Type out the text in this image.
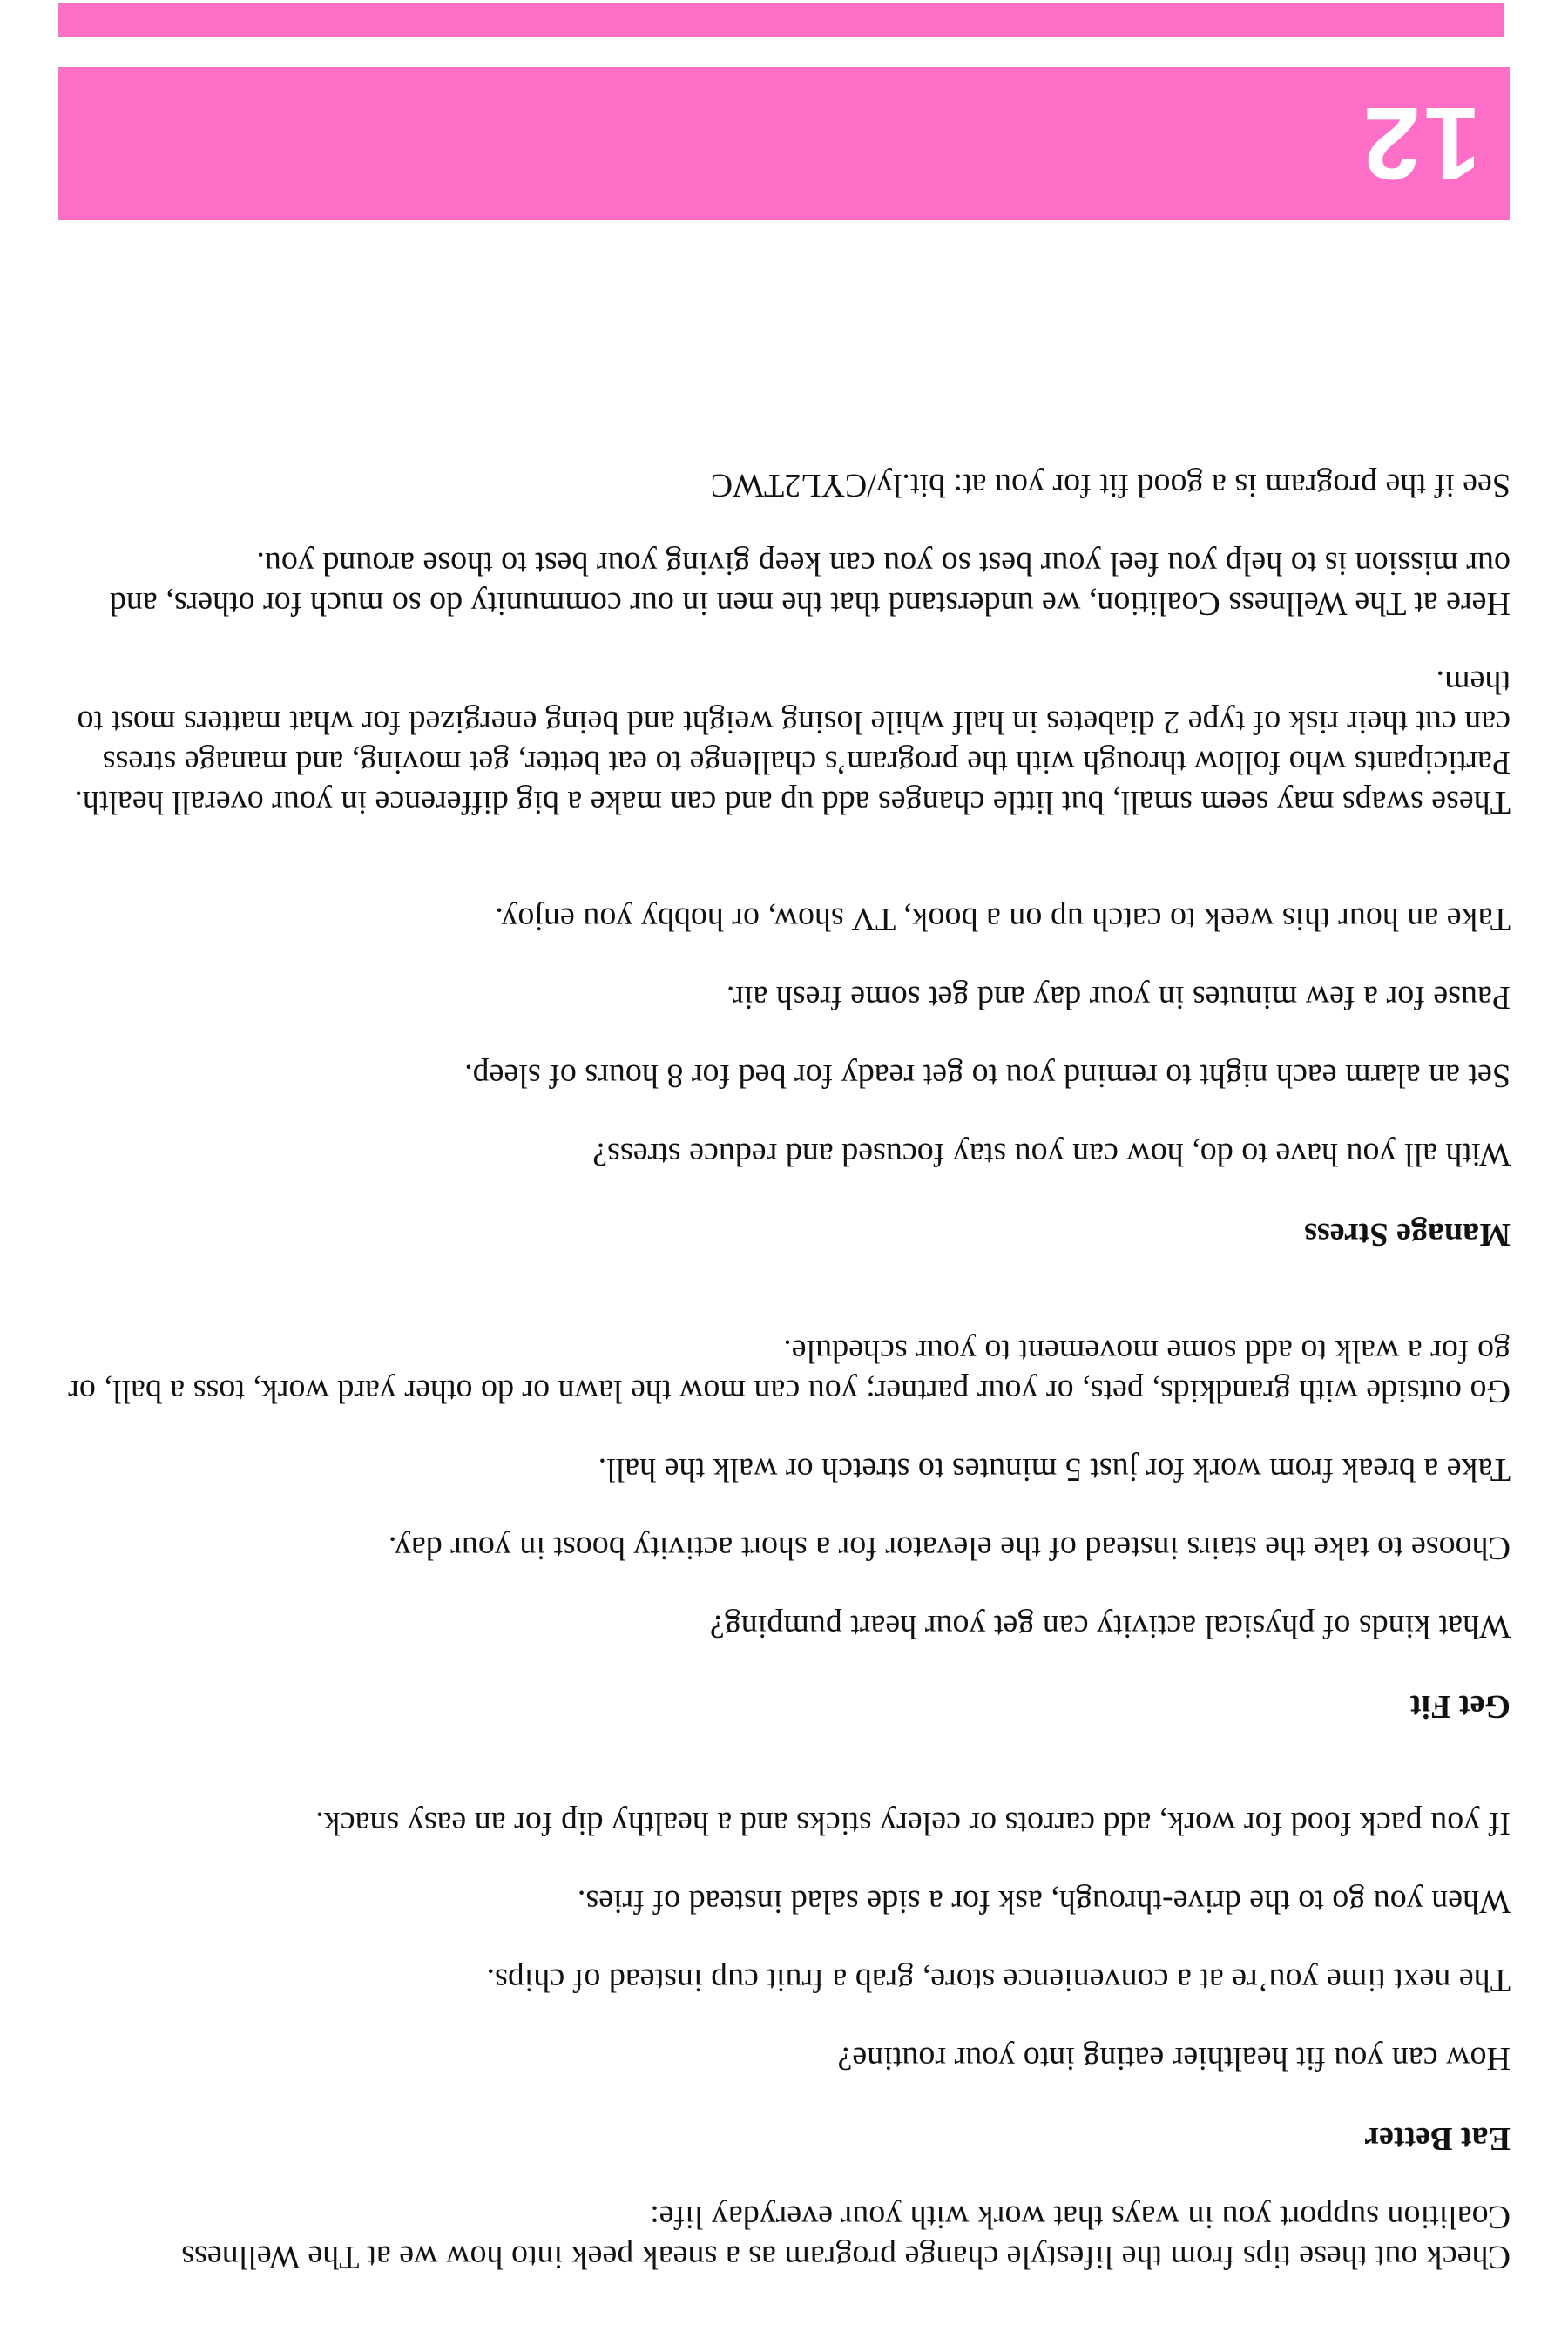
Check out these tips from the lifestyle change program as a sneak peek into how we at The Wellness Coalition support you in ways that work with your everyday life:

Eat Better

How can you fit healthier eating into your routine?

The next time you’re at a convenience store, grab a fruit cup instead of chips.

When you go to the drive-through, ask for a side salad instead of fries.

If you pack food for work, add carrots or celery sticks and a healthy dip for an easy snack.

Get Fit

What kinds of physical activity can get your heart pumping?

Choose to take the stairs instead of the elevator for a short activity boost in your day.

Take a break from work for just 5 minutes to stretch or walk the hall.

Go outside with grandkids, pets, or your partner; you can mow the lawn or do other yard work, toss a ball, or go for a walk to add some movement to your schedule.

Manage Stress

With all you have to do, how can you stay focused and reduce stress?

Set an alarm each night to remind you to get ready for bed for 8 hours of sleep.

Pause for a few minutes in your day and get some fresh air.

Take an hour this week to catch up on a book, TV show, or hobby you enjoy.

These swaps may seem small, but little changes add up and can make a big difference in your overall health. Participants who follow through with the program’s challenge to eat better, get moving, and manage stress can cut their risk of type 2 diabetes in half while losing weight and being energized for what matters most to them.

Here at The Wellness Coalition, we understand that the men in our community do so much for others, and our mission is to help you feel your best so you can keep giving your best to those around you.

See if the program is a good fit for you at: bit.ly/CYL2TWC

12
